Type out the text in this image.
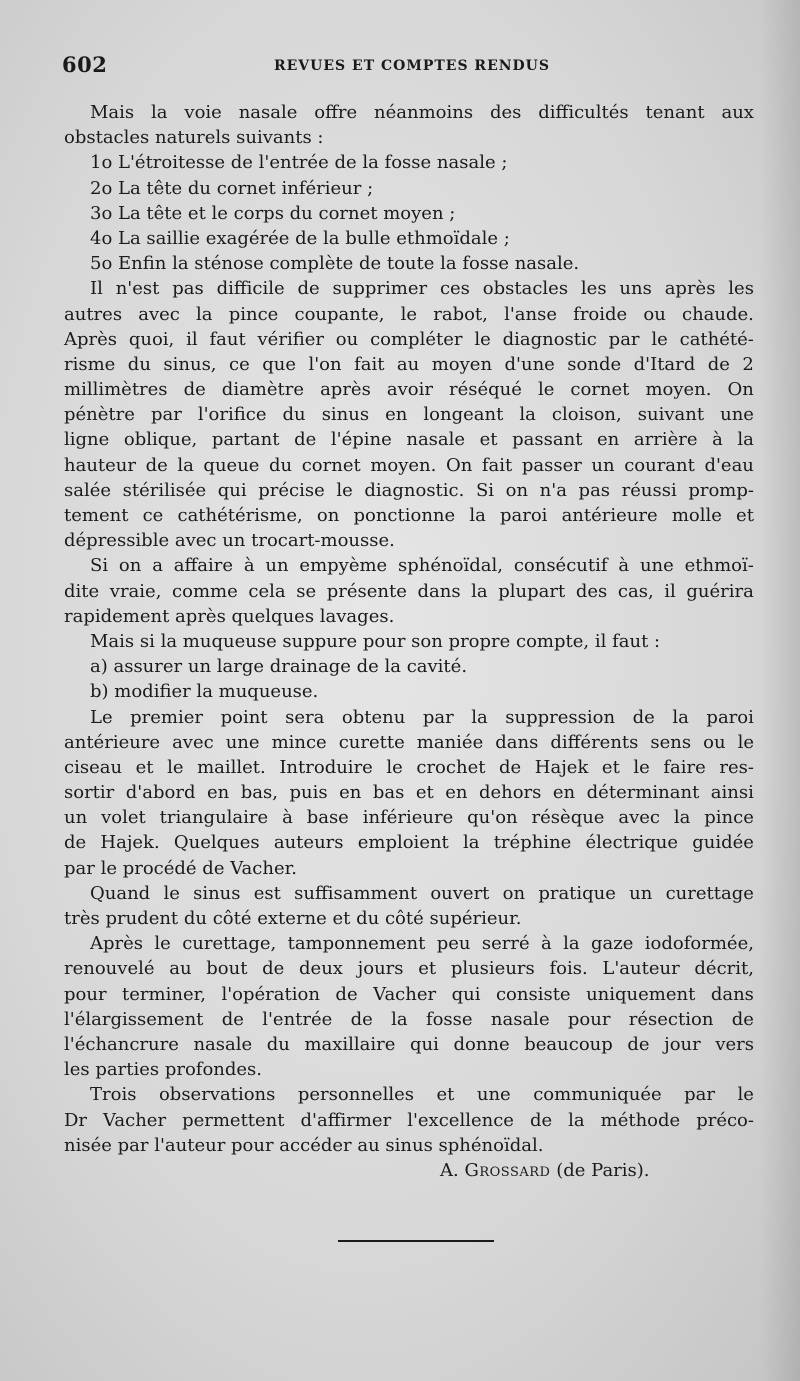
602	REVUES ET COMPTES RENDUS
Mais la voie nasale offre néanmoins des difficultés tenant aux
obstacles naturels suivants :
1o L'étroitesse de l'entrée de la fosse nasale ;
2o La tête du cornet inférieur ;
3o La tête et le corps du cornet moyen ;
4o La saillie exagérée de la bulle ethmoïdale ;
5o Enfin la sténose complète de toute la fosse nasale.
Il n'est pas difficile de supprimer ces obstacles les uns après les
autres avec la pince coupante, le rabot, l'anse froide ou chaude.
Après quoi, il faut vérifier ou compléter le diagnostic par le cathété-
risme du sinus, ce que l'on fait au moyen d'une sonde d'Itard de 2
millimètres de diamètre après avoir réséqué le cornet moyen. On
pénètre par l'orifice du sinus en longeant la cloison, suivant une
ligne oblique, partant de l'épine nasale et passant en arrière à la
hauteur de la queue du cornet moyen. On fait passer un courant d'eau
salée stérilisée qui précise le diagnostic. Si on n'a pas réussi promp-
tement ce cathétérisme, on ponctionne la paroi antérieure molle et
dépressible avec un trocart-mousse.
Si on a affaire à un empyème sphénoïdal, consécutif à une ethmoï-
dite vraie, comme cela se présente dans la plupart des cas, il guérira
rapidement après quelques lavages.
Mais si la muqueuse suppure pour son propre compte, il faut :
a) assurer un large drainage de la cavité.
b) modifier la muqueuse.
Le premier point sera obtenu par la suppression de la paroi
antérieure avec une mince curette maniée dans différents sens ou le
ciseau et le maillet. Introduire le crochet de Hajek et le faire res-
sortir d'abord en bas, puis en bas et en dehors en déterminant ainsi
un volet triangulaire à base inférieure qu'on résèque avec la pince
de Hajek. Quelques auteurs emploient la tréphine électrique guidée
par le procédé de Vacher.
Quand le sinus est suffisamment ouvert on pratique un curettage
très prudent du côté externe et du côté supérieur.
Après le curettage, tamponnement peu serré à la gaze iodoformée,
renouvelé au bout de deux jours et plusieurs fois. L'auteur décrit,
pour terminer, l'opération de Vacher qui consiste uniquement dans
l'élargissement de l'entrée de la fosse nasale pour résection de
l'échancrure nasale du maxillaire qui donne beaucoup de jour vers
les parties profondes.
Trois observations personnelles et une communiquée par le
Dr Vacher permettent d'affirmer l'excellence de la méthode préco-
nisée par l'auteur pour accéder au sinus sphénoïdal.
A. Grossard (de Paris).
